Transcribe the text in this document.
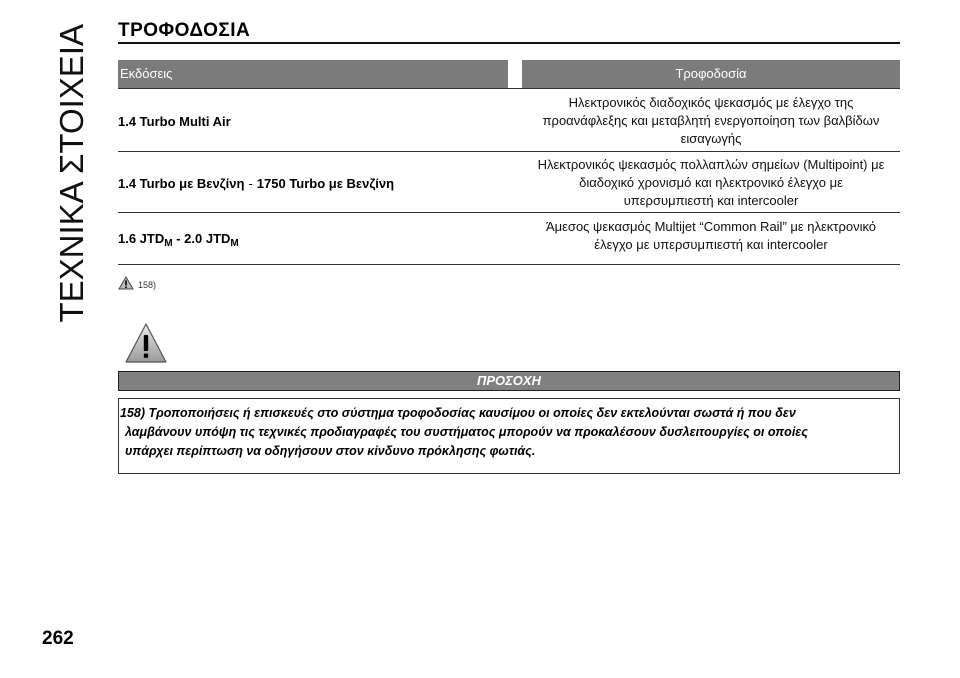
ΤΕΧΝΙΚΑ ΣΤΟΙΧΕΙΑ ΤΡΟΦΟΔΟΣΙΑ
Εκδόσεις	Τροφοδοσία
1.4 Turbo Multi Air
Ηλεκτρονικός διαδοχικός ψεκασμός με έλεγχο της
προανάφλεξης και μεταβλητή ενεργοποίηση των βαλβίδων
εισαγωγής
1.4 Turbo με Βενζίνη - 1750 Turbo με Βενζίνη
Ηλεκτρονικός ψεκασμός πολλαπλών σημείων (Multipoint) με
διαδοχικό χρονισμό και ηλεκτρονικό έλεγχο με
υπερσυμπιεστή και intercooler
1.6 $JTD_M - 2.0$ $JTD_M$
Άμεσος ψεκασμός Multijet “Common Rail” με ηλεκτρονικό
έλεγχο με υπερσυμπιεστή και intercooler
158)
ΠΡΟΣΟΧΗ
158) Τροποποιήσεις ή επισκευές στο σύστημα τροφοδοσίας καυσίμου οι οποίες δεν εκτελούνται σωστά ή που δεν
λαμβάνουν υπόψη τις τεχνικές προδιαγραφές του συστήματος μπορούν να προκαλέσουν δυσλειτουργίες οι οποίες
υπάρχει περίπτωση να οδηγήσουν στον κίνδυνο πρόκλησης φωτιάς.
262
